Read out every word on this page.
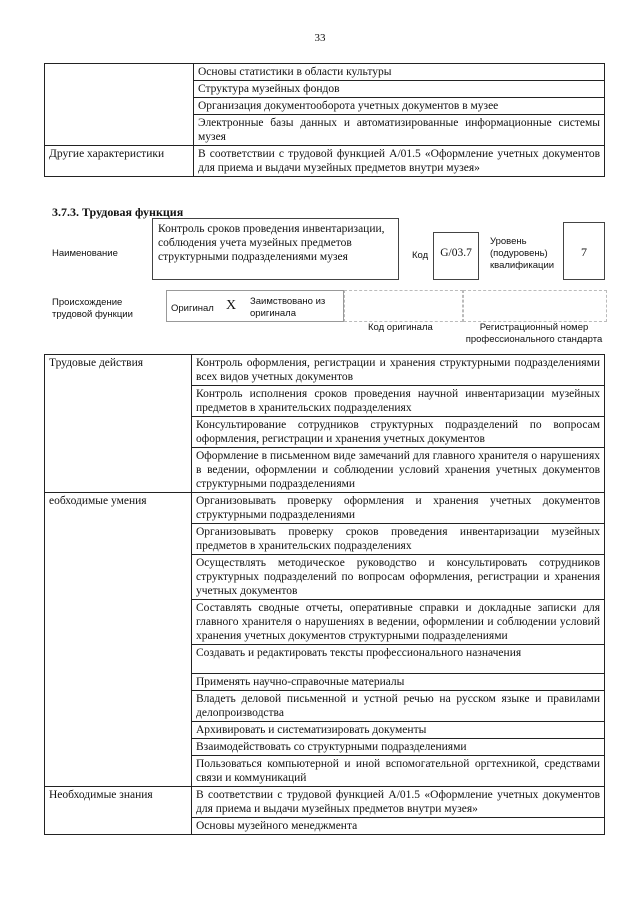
33
	Основы статистики в области культуры
	Структура музейных фондов
	Организация документооборота учетных документов в музее
	Электронные базы данных и автоматизированные информационные системы музея
Другие характеристики	В соответствии с трудовой функцией А/01.5 «Оформление учетных документов для приема и выдачи музейных предметов внутри музея»
3.7.3. Трудовая функция
Наименование
Контроль сроков проведения инвентаризации, соблюдения учета музейных предметов структурными подразделениями музея	Код	G/03.7
Уровень (подуровень) квалификации
7
Происхождение трудовой функции
Оригинал X Заимствовано из оригинала
Код оригинала	Регистрационный номер профессионального стандарта
Трудовые действия	Контроль оформления, регистрации и хранения структурными подразделениями всех видов учетных документов
	Контроль исполнения сроков проведения научной инвентаризации музейных предметов в хранительских подразделениях
	Консультирование сотрудников структурных подразделений по вопросам оформления, регистрации и хранения учетных документов
	Оформление в письменном виде замечаний для главного хранителя о нарушениях в ведении, оформлении и соблюдении условий хранения учетных документов структурными подразделениями
еобходимые умения	Организовывать проверку оформления и хранения учетных документов структурными подразделениями
	Организовывать проверку сроков проведения инвентаризации музейных предметов в хранительских подразделениях
	Осуществлять методическое руководство и консультировать сотрудников структурных подразделений по вопросам оформления, регистрации и хранения учетных документов
	Составлять сводные отчеты, оперативные справки и докладные записки для главного хранителя о нарушениях в ведении, оформлении и соблюдении условий хранения учетных документов структурными подразделениями
	Создавать и редактировать тексты профессионального назначения
	Применять научно-справочные материалы
	Владеть деловой письменной и устной речью на русском языке и правилами делопроизводства
	Архивировать и систематизировать документы
	Взаимодействовать со структурными подразделениями
	Пользоваться компьютерной и иной вспомогательной оргтехникой, средствами связи и коммуникаций
Необходимые знания	В соответствии с трудовой функцией А/01.5 «Оформление учетных документов для приема и выдачи музейных предметов внутри музея»
	Основы музейного менеджмента
